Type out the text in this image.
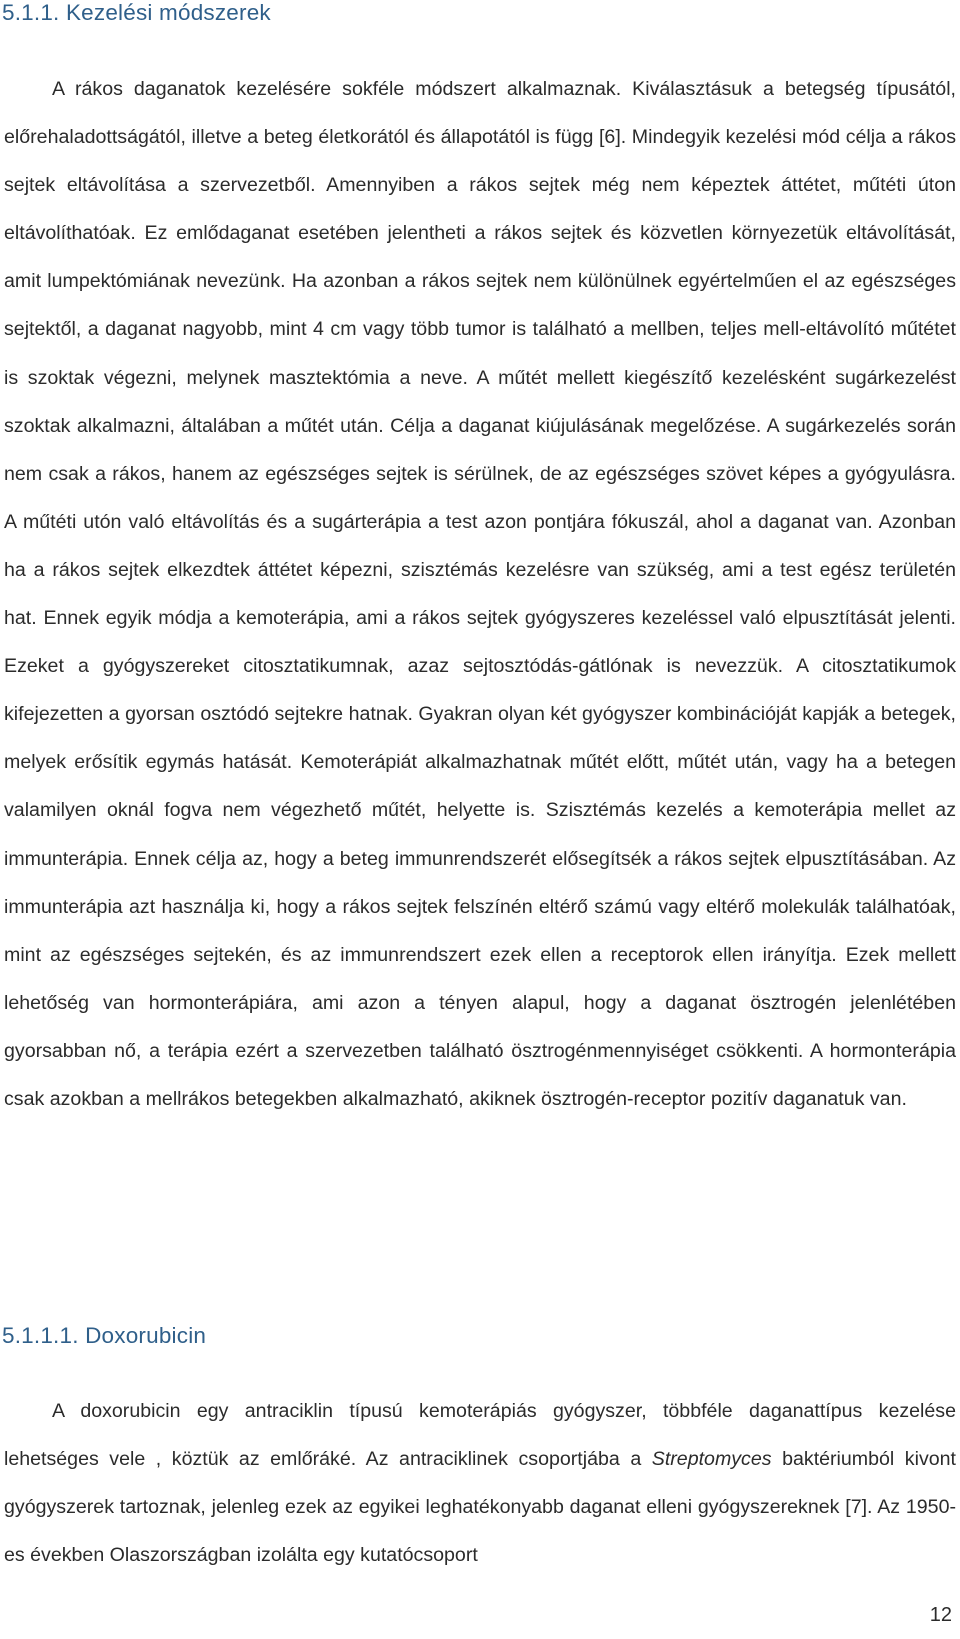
5.1.1. Kezelési módszerek

A rákos daganatok kezelésére sokféle módszert alkalmaznak. Kiválasztásuk a betegség típusától, előrehaladottságától, illetve a beteg életkorától és állapotától is függ [6]. Mindegyik kezelési mód célja a rákos sejtek eltávolítása a szervezetből. Amennyiben a rákos sejtek még nem képeztek áttétet, műtéti úton eltávolíthatóak. Ez emlődaganat esetében jelentheti a rákos sejtek és közvetlen környezetük eltávolítását, amit lumpektómiának nevezünk. Ha azonban a rákos sejtek nem különülnek egyértelműen el az egészséges sejtektől, a daganat nagyobb, mint 4 cm vagy több tumor is található a mellben, teljes mell-eltávolító műtétet is szoktak végezni, melynek masztektómia a neve. A műtét mellett kiegészítő kezelésként sugárkezelést szoktak alkalmazni, általában a műtét után. Célja a daganat kiújulásának megelőzése. A sugárkezelés során nem csak a rákos, hanem az egészséges sejtek is sérülnek, de az egészséges szövet képes a gyógyulásra. A műtéti utón való eltávolítás és a sugárterápia a test azon pontjára fókuszál, ahol a daganat van. Azonban ha a rákos sejtek elkezdtek áttétet képezni, szisztémás kezelésre van szükség, ami a test egész területén hat. Ennek egyik módja a kemoterápia, ami a rákos sejtek gyógyszeres kezeléssel való elpusztítását jelenti. Ezeket a gyógyszereket citosztatikumnak, azaz sejtosztódás-gátlónak is nevezzük. A citosztatikumok kifejezetten a gyorsan osztódó sejtekre hatnak. Gyakran olyan két gyógyszer kombinációját kapják a betegek, melyek erősítik egymás hatását. Kemoterápiát alkalmazhatnak műtét előtt, műtét után, vagy ha a betegen valamilyen oknál fogva nem végezhető műtét, helyette is. Szisztémás kezelés a kemoterápia mellet az immunterápia. Ennek célja az, hogy a beteg immunrendszerét elősegítsék a rákos sejtek elpusztításában. Az immunterápia azt használja ki, hogy a rákos sejtek felszínén eltérő számú vagy eltérő molekulák találhatóak, mint az egészséges sejtekén, és az immunrendszert ezek ellen a receptorok ellen irányítja. Ezek mellett lehetőség van hormonterápiára, ami azon a tényen alapul, hogy a daganat ösztrogén jelenlétében gyorsabban nő, a terápia ezért a szervezetben található ösztrogénmennyiséget csökkenti. A hormonterápia csak azokban a mellrákos betegekben alkalmazható, akiknek ösztrogén-receptor pozitív daganatuk van.

5.1.1.1. Doxorubicin

A doxorubicin egy antraciklin típusú kemoterápiás gyógyszer, többféle daganattípus kezelése lehetséges vele , köztük az emlőráké. Az antraciklinek csoportjába a Streptomyces baktériumból kivont gyógyszerek tartoznak, jelenleg ezek az egyikei leghatékonyabb daganat elleni gyógyszereknek [7]. Az 1950-es években Olaszországban izolálta egy kutatócsoport

12
